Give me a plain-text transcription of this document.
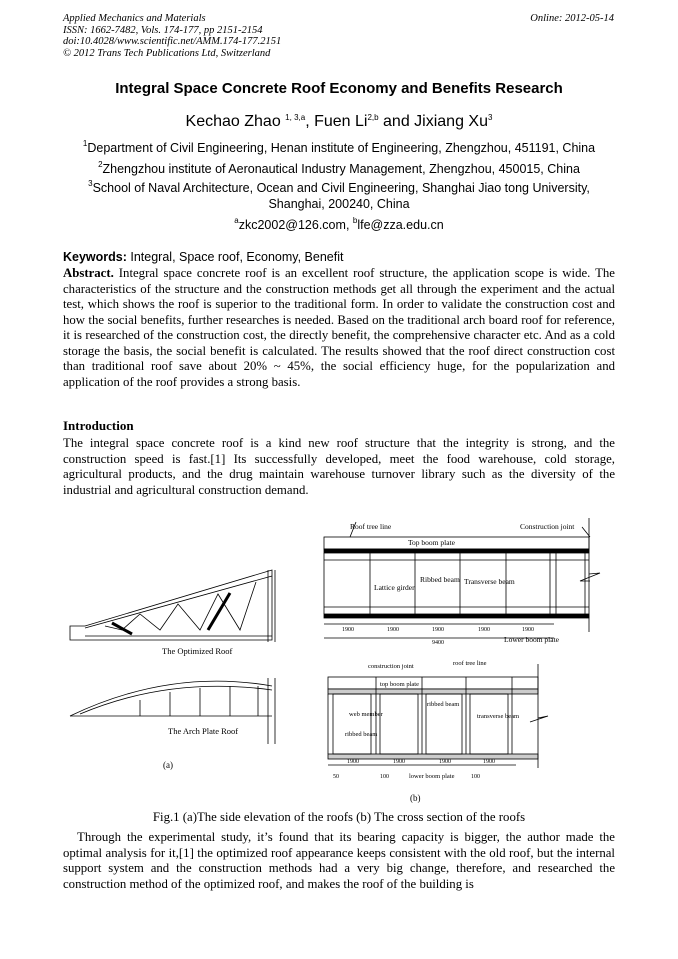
Applied Mechanics and Materials
ISSN: 1662-7482, Vols. 174-177, pp 2151-2154
doi:10.4028/www.scientific.net/AMM.174-177.2151
© 2012 Trans Tech Publications Ltd, Switzerland
Online: 2012-05-14
Integral Space Concrete Roof Economy and Benefits Research
Kechao Zhao $^{1, 3,a}$, Fuen Li$^{2,b}$ and Jixiang Xu$^3$
$^1$Department of Civil Engineering, Henan institute of Engineering, Zhengzhou, 451191, China
$^2$Zhengzhou institute of Aeronautical Industry Management, Zhengzhou, 450015, China
$^3$School of Naval Architecture, Ocean and Civil Engineering, Shanghai Jiao tong University, Shanghai, 200240, China
$^a$zkc2002@126.com, $^b$lfe@zza.edu.cn
Keywords: Integral, Space roof, Economy, Benefit
Abstract. Integral space concrete roof is an excellent roof structure, the application scope is wide. The characteristics of the structure and the construction methods get all through the experiment and the actual test, which shows the roof is superior to the traditional form. In order to validate the construction cost and how the social benefits, further researches is needed. Based on the traditional arch board roof for reference, it is researched of the construction cost, the directly benefit, the comprehensive character etc. And as a cold storage the basis, the social benefit is calculated. The results showed that the roof direct construction cost than traditional roof save about 20% ~ 45%, the social efficiency huge, for the popularization and application of the roof provides a strong basis.
Introduction
The integral space concrete roof is a kind new roof structure that the integrity is strong, and the construction speed is fast.[1] Its successfully developed, meet the food warehouse, cold storage, agricultural products, and the drug maintain warehouse turnover library such as the diversity of the industrial and agricultural construction demand.
The Optimized Roof
The Arch Plate Roof
(a)
Roof tree line	Construction joint
Top boom plate
Lattice girder
Ribbed beam Transverse beam
Lower boom plate
1900	1900	1900	1900	1900
9400
construction joint	roof tree line
top boom plate
ribbed beam
web member	transverse beam
ribbed beam
lower boom plate
1900	1900	1900	1900
50	100	100
(b)
Fig.1 (a)The side elevation of the roofs (b) The cross section of the roofs
Through the experimental study, it’s found that its bearing capacity is bigger, the author made the optimal analysis for it,[1] the optimized roof appearance keeps consistent with the old roof, but the internal support system and the construction methods had a very big change, therefore, and researched the construction method of the optimized roof, and makes the roof of the building is
